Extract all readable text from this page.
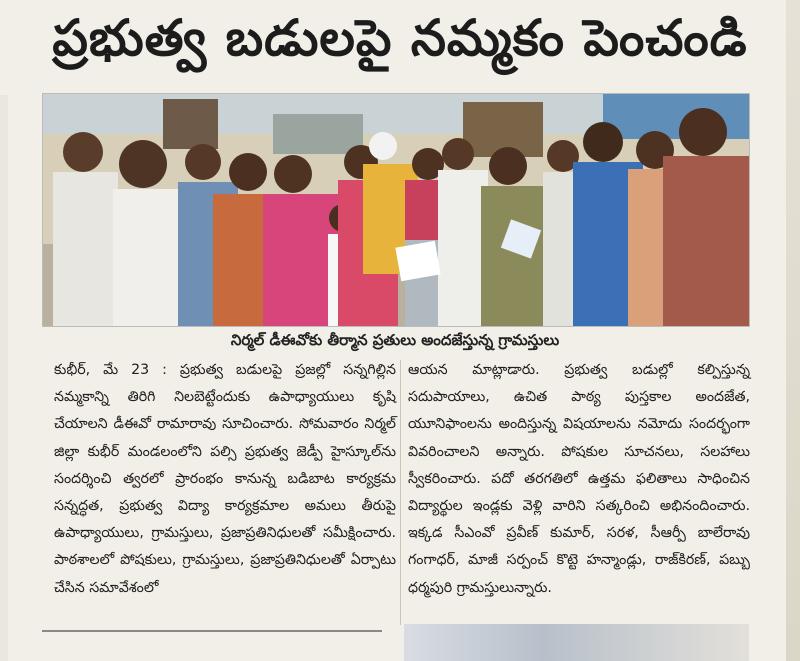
ప్రభుత్వ బడులపై నమ్మకం పెంచండి
నిర్మల్ డీఈవోకు తీర్మాన ప్రతులు అందజేస్తున్న గ్రామస్తులు
కుభీర్, మే 23 : ప్రభుత్వ బడులపై ప్రజల్లో సన్నగిల్లిన నమ్మకాన్ని తిరిగి నిలబెట్టేందుకు ఉపాధ్యాయులు కృషి చేయాలని డీఈవో రామారావు సూచించారు. సోమవారం నిర్మల్ జిల్లా కుభీర్ మండలంలోని పల్సి ప్రభుత్వ జెడ్పీ హైస్కూల్‌ను సందర్శించి త్వరలో ప్రారంభం కానున్న బడిబాట కార్యక్రమ సన్నద్ధత, ప్రభుత్వ విద్యా కార్యక్రమాల అమలు తీరుపై ఉపాధ్యాయులు, గ్రామస్తులు, ప్రజాప్రతినిధులతో సమీక్షించారు. పాఠశాలలో పోషకులు, గ్రామస్తులు, ప్రజాప్రతినిధులతో ఏర్పాటు చేసిన సమావేశంలో
ఆయన మాట్లాడారు. ప్రభుత్వ బడుల్లో కల్పిస్తున్న సదుపాయాలు, ఉచిత పాఠ్య పుస్తకాల అందజేత, యూనిఫాంలను అందిస్తున్న విషయాలను నమోదు సందర్భంగా వివరించాలని అన్నారు. పోషకుల సూచనలు, సలహాలు స్వీకరించారు. పదో తరగతిలో ఉత్తమ ఫలితాలు సాధించిన విద్యార్థుల ఇండ్లకు వెళ్లి వారిని సత్కరించి అభినందించారు. ఇక్కడ సీఎంవో ప్రవీణ్ కుమార్, సరళ, సీఆర్పీ బాలేరావు గంగాధర్, మాజీ సర్పంచ్ కొట్టె హన్మాండ్లు, రాజ్‌కిరణ్, పబ్బు ధర్మపురి గ్రామస్తులున్నారు.
